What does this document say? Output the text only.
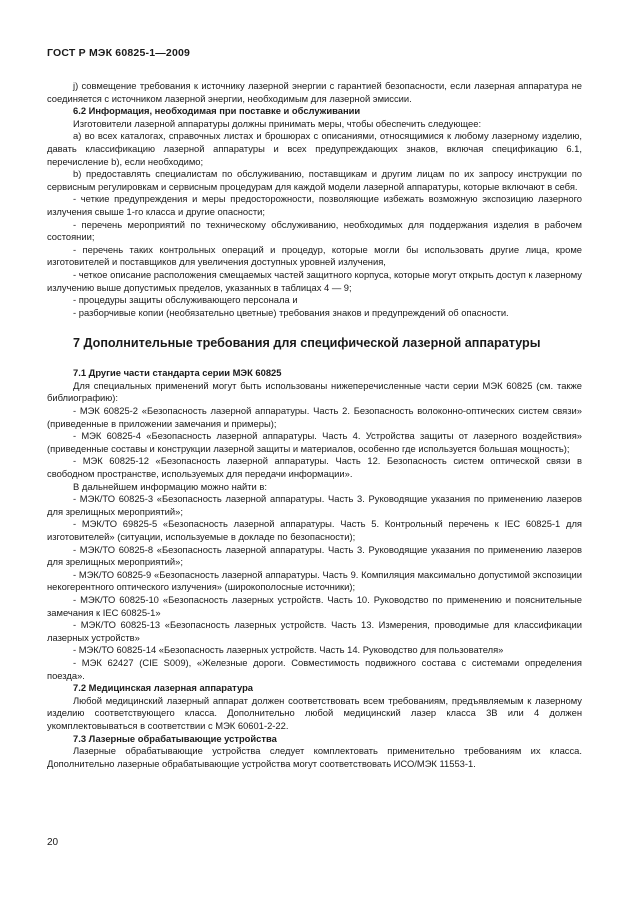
ГОСТ Р МЭК 60825-1—2009

j) совмещение требования к источнику лазерной энергии с гарантией безопасности, если лазерная аппаратура не соединяется с источником лазерной энергии, необходимым для лазерной эмиссии.

6.2 Информация, необходимая при поставке и обслуживании

Изготовители лазерной аппаратуры должны принимать меры, чтобы обеспечить следующее:

а) во всех каталогах, справочных листах и брошюрах с описаниями, относящимися к любому лазерному изделию, давать классификацию лазерной аппаратуры и всех предупреждающих знаков, включая спецификацию 6.1, перечисление b), если необходимо;

b) предоставлять специалистам по обслуживанию, поставщикам и другим лицам по их запросу инструкции по сервисным регулировкам и сервисным процедурам для каждой модели лазерной аппаратуры, которые включают в себя.

- четкие предупреждения и меры предосторожности, позволяющие избежать возможную экспозицию лазерного излучения свыше 1-го класса и другие опасности;

- перечень мероприятий по техническому обслуживанию, необходимых для поддержания изделия в рабочем состоянии;

- перечень таких контрольных операций и процедур, которые могли бы использовать другие лица, кроме изготовителей и поставщиков для увеличения доступных уровней излучения,

- четкое описание расположения смещаемых частей защитного корпуса, которые могут открыть доступ к лазерному излучению выше допустимых пределов, указанных в таблицах 4 — 9;

- процедуры защиты обслуживающего персонала и

- разборчивые копии (необязательно цветные) требования знаков и предупреждений об опасности.

7 Дополнительные требования для специфической лазерной аппаратуры

7.1 Другие части стандарта серии МЭК 60825

Для специальных применений могут быть использованы нижеперечисленные части серии МЭК 60825 (см. также библиографию):

- МЭК 60825-2 «Безопасность лазерной аппаратуры. Часть 2. Безопасность волоконно-оптических систем связи» (приведенные в приложении замечания и примеры);

- МЭК 60825-4 «Безопасность лазерной аппаратуры. Часть 4. Устройства защиты от лазерного воздействия» (приведенные составы и конструкции лазерной защиты и материалов, особенно где используется большая мощность);

- МЭК 60825-12 «Безопасность лазерной аппаратуры. Часть 12. Безопасность систем оптической связи в свободном пространстве, используемых для передачи информации».

В дальнейшем информацию можно найти в:

- МЭК/ТО 60825-3 «Безопасность лазерной аппаратуры. Часть 3. Руководящие указания по применению лазеров для зрелищных мероприятий»;

- МЭК/ТО 69825-5 «Безопасность лазерной аппаратуры. Часть 5. Контрольный перечень к IEC 60825-1 для изготовителей» (ситуации, используемые в докладе по безопасности);

- МЭК/ТО 60825-8 «Безопасность лазерной аппаратуры. Часть 3. Руководящие указания по применению лазеров для зрелищных мероприятий»;

- МЭК/ТО 60825-9 «Безопасность лазерной аппаратуры. Часть 9. Компиляция максимально допустимой экспозиции некогерентного оптического излучения» (широкополосные источники);

- МЭК/ТО 60825-10 «Безопасность лазерных устройств. Часть 10. Руководство по применению и пояснительные замечания к IEC 60825-1»

- МЭК/ТО 60825-13 «Безопасность лазерных устройств. Часть 13. Измерения, проводимые для классификации лазерных устройств»

- МЭК/ТО 60825-14 «Безопасность лазерных устройств. Часть 14. Руководство для пользователя»

- МЭК 62427 (CIE S009), «Железные дороги. Совместимость подвижного состава с системами определения поезда».

7.2 Медицинская лазерная аппаратура

Любой медицинский лазерный аппарат должен соответствовать всем требованиям, предъявляемым к лазерному изделию соответствующего класса. Дополнительно любой медицинский лазер класса 3В или 4 должен укомплектовываться в соответствии с МЭК 60601-2-22.

7.3 Лазерные обрабатывающие устройства

Лазерные обрабатывающие устройства следует комплектовать применительно требованиям их класса. Дополнительно лазерные обрабатывающие устройства могут соответствовать ИСО/МЭК 11553-1.

20
